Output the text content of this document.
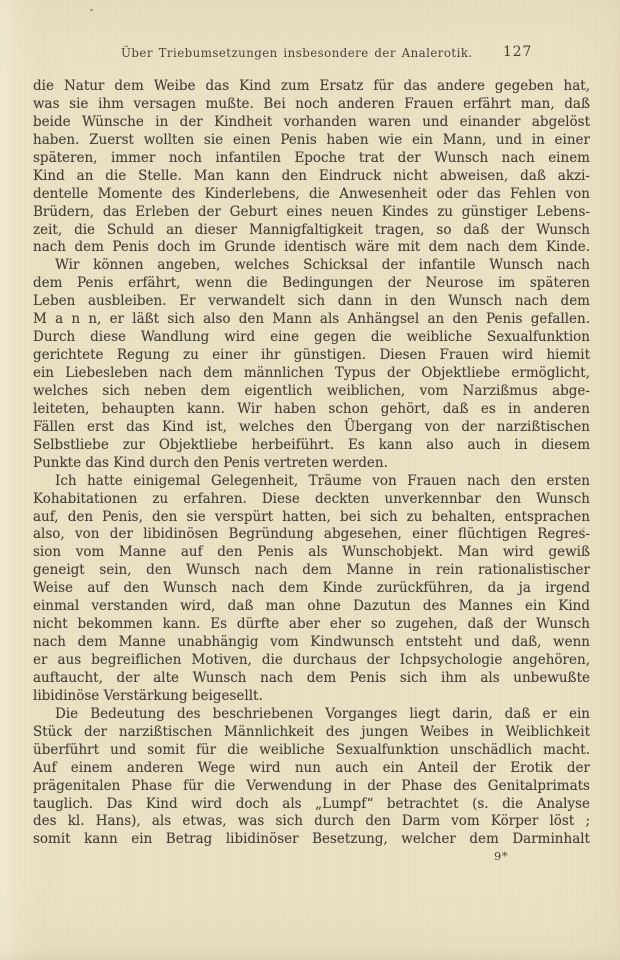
Über Triebumsetzungen insbesondere der Analerotik. 127
die Natur dem Weibe das Kind zum Ersatz für das andere gegeben hat,
was sie ihm versagen mußte. Bei noch anderen Frauen erfährt man, daß
beide Wünsche in der Kindheit vorhanden waren und einander abgelöst
haben. Zuerst wollten sie einen Penis haben wie ein Mann, und in einer
späteren, immer noch infantilen Epoche trat der Wunsch nach einem
Kind an die Stelle. Man kann den Eindruck nicht abweisen, daß akzi-
dentelle Momente des Kinderlebens, die Anwesenheit oder das Fehlen von
Brüdern, das Erleben der Geburt eines neuen Kindes zu günstiger Lebens-
zeit, die Schuld an dieser Mannigfaltigkeit tragen, so daß der Wunsch
nach dem Penis doch im Grunde identisch wäre mit dem nach dem Kinde.
Wir können angeben, welches Schicksal der infantile Wunsch nach
dem Penis erfährt, wenn die Bedingungen der Neurose im späteren
Leben ausbleiben. Er verwandelt sich dann in den Wunsch nach dem
M a n n, er läßt sich also den Mann als Anhängsel an den Penis gefallen.
Durch diese Wandlung wird eine gegen die weibliche Sexualfunktion
gerichtete Regung zu einer ihr günstigen. Diesen Frauen wird hiemit
ein Liebesleben nach dem männlichen Typus der Objektliebe ermöglicht,
welches sich neben dem eigentlich weiblichen, vom Narzißmus abge-
leiteten, behaupten kann. Wir haben schon gehört, daß es in anderen
Fällen erst das Kind ist, welches den Übergang von der narzißtischen
Selbstliebe zur Objektliebe herbeiführt. Es kann also auch in diesem
Punkte das Kind durch den Penis vertreten werden.
Ich hatte einigemal Gelegenheit, Träume von Frauen nach den ersten
Kohabitationen zu erfahren. Diese deckten unverkennbar den Wunsch
auf, den Penis, den sie verspürt hatten, bei sich zu behalten, entsprachen
also, von der libidinösen Begründung abgesehen, einer flüchtigen Regres-
sion vom Manne auf den Penis als Wunschobjekt. Man wird gewiß
geneigt sein, den Wunsch nach dem Manne in rein rationalistischer
Weise auf den Wunsch nach dem Kinde zurückführen, da ja irgend
einmal verstanden wird, daß man ohne Dazutun des Mannes ein Kind
nicht bekommen kann. Es dürfte aber eher so zugehen, daß der Wunsch
nach dem Manne unabhängig vom Kindwunsch entsteht und daß, wenn
er aus begreiflichen Motiven, die durchaus der Ichpsychologie angehören,
auftaucht, der alte Wunsch nach dem Penis sich ihm als unbewußte
libidinöse Verstärkung beigesellt.
Die Bedeutung des beschriebenen Vorganges liegt darin, daß er ein
Stück der narzißtischen Männlichkeit des jungen Weibes in Weiblichkeit
überführt und somit für die weibliche Sexualfunktion unschädlich macht.
Auf einem anderen Wege wird nun auch ein Anteil der Erotik der
prägenitalen Phase für die Verwendung in der Phase des Genitalprimats
tauglich. Das Kind wird doch als „Lumpf“ betrachtet (s. die Analyse
des kl. Hans), als etwas, was sich durch den Darm vom Körper löst ;
somit kann ein Betrag libidinöser Besetzung, welcher dem Darminhalt
9*
